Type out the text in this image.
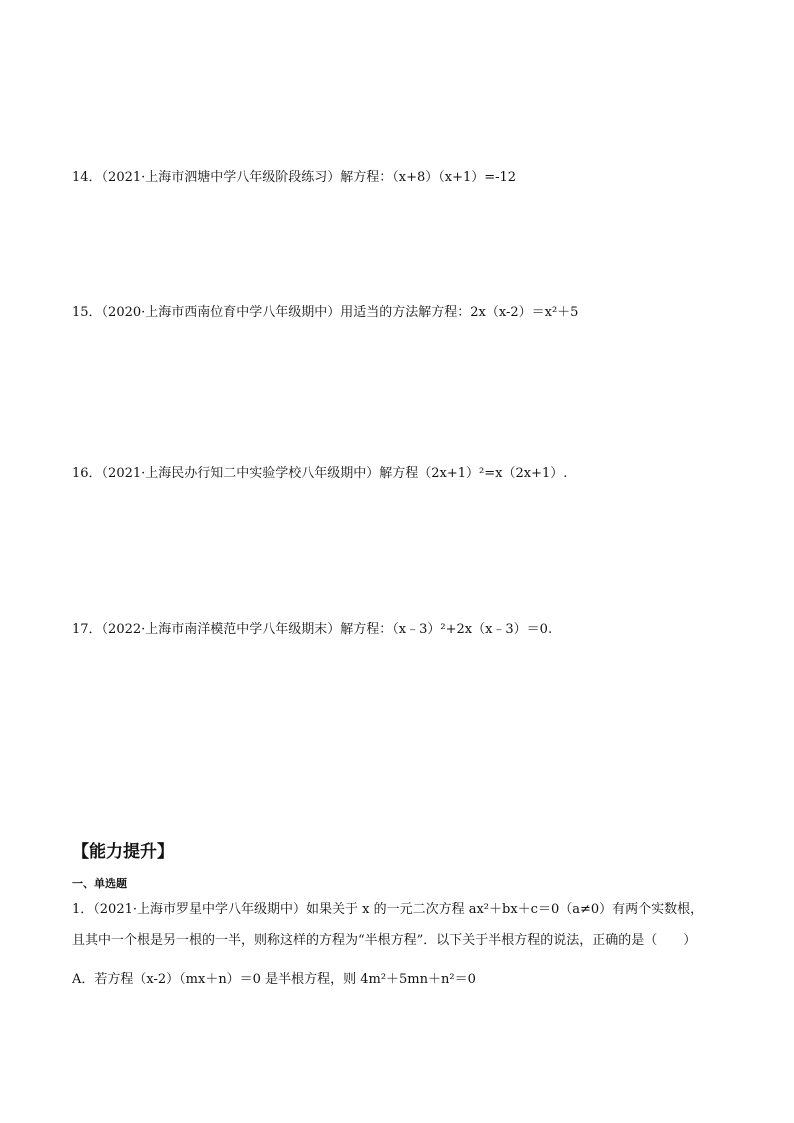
14．（2021·上海市泗塘中学八年级阶段练习）解方程：（x+8）（x+1）=-12
15．（2020·上海市西南位育中学八年级期中）用适当的方法解方程：2x（x-2）＝x²＋5
16．（2021·上海民办行知二中实验学校八年级期中）解方程（2x+1）²=x（2x+1）.
17．（2022·上海市南洋模范中学八年级期末）解方程：（x﹣3）²+2x（x﹣3）＝0.
【能力提升】
一、单选题
1．（2021·上海市罗星中学八年级期中）如果关于 x 的一元二次方程 ax²＋bx＋c＝0（a≠0）有两个实数根，
且其中一个根是另一根的一半，则称这样的方程为“半根方程”．以下关于半根方程的说法，正确的是（　　）
A．若方程（x-2）（mx＋n）＝0 是半根方程，则 4m²＋5mn＋n²＝0
